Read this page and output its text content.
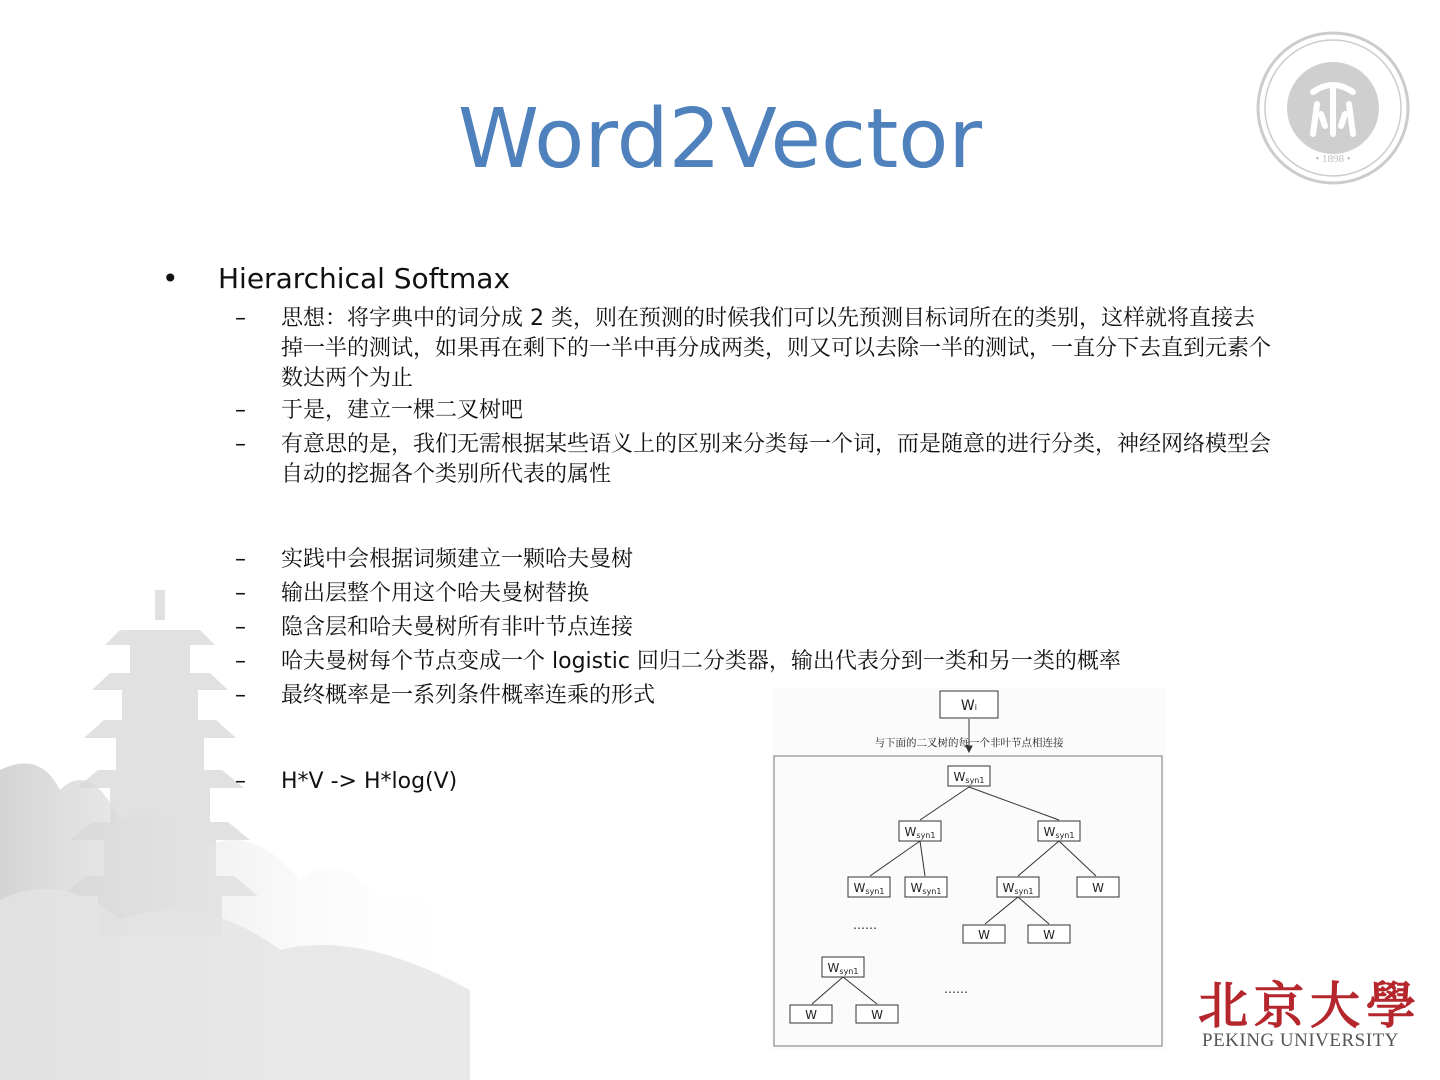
• 1898 •
Word2Vector
• Hierarchical Softmax
– 思想：将字典中的词分成 2 类，则在预测的时候我们可以先预测目标词所在的类别，这样就将直接去掉一半的测试，如果再在剩下的一半中再分成两类，则又可以去除一半的测试，一直分下去直到元素个数达两个为止
– 于是，建立一棵二叉树吧
– 有意思的是，我们无需根据某些语义上的区别来分类每一个词，而是随意的进行分类，神经网络模型会自动的挖掘各个类别所代表的属性
– 实践中会根据词频建立一颗哈夫曼树
– 输出层整个用这个哈夫曼树替换
– 隐含层和哈夫曼树所有非叶节点连接
– 哈夫曼树每个节点变成一个 logistic 回归二分类器，输出代表分到一类和另一类的概率
– 最终概率是一系列条件概率连乘的形式
– H*V -> H*log(V)
Wᵢ
与下面的二叉树的每一个非叶节点相连接
Wsyn1
Wsyn1	Wsyn1
Wsyn1 Wsyn1	Wsyn1	W
W	W
……
Wsyn1
……
W	W	北京大學
PEKING UNIVERSITY
